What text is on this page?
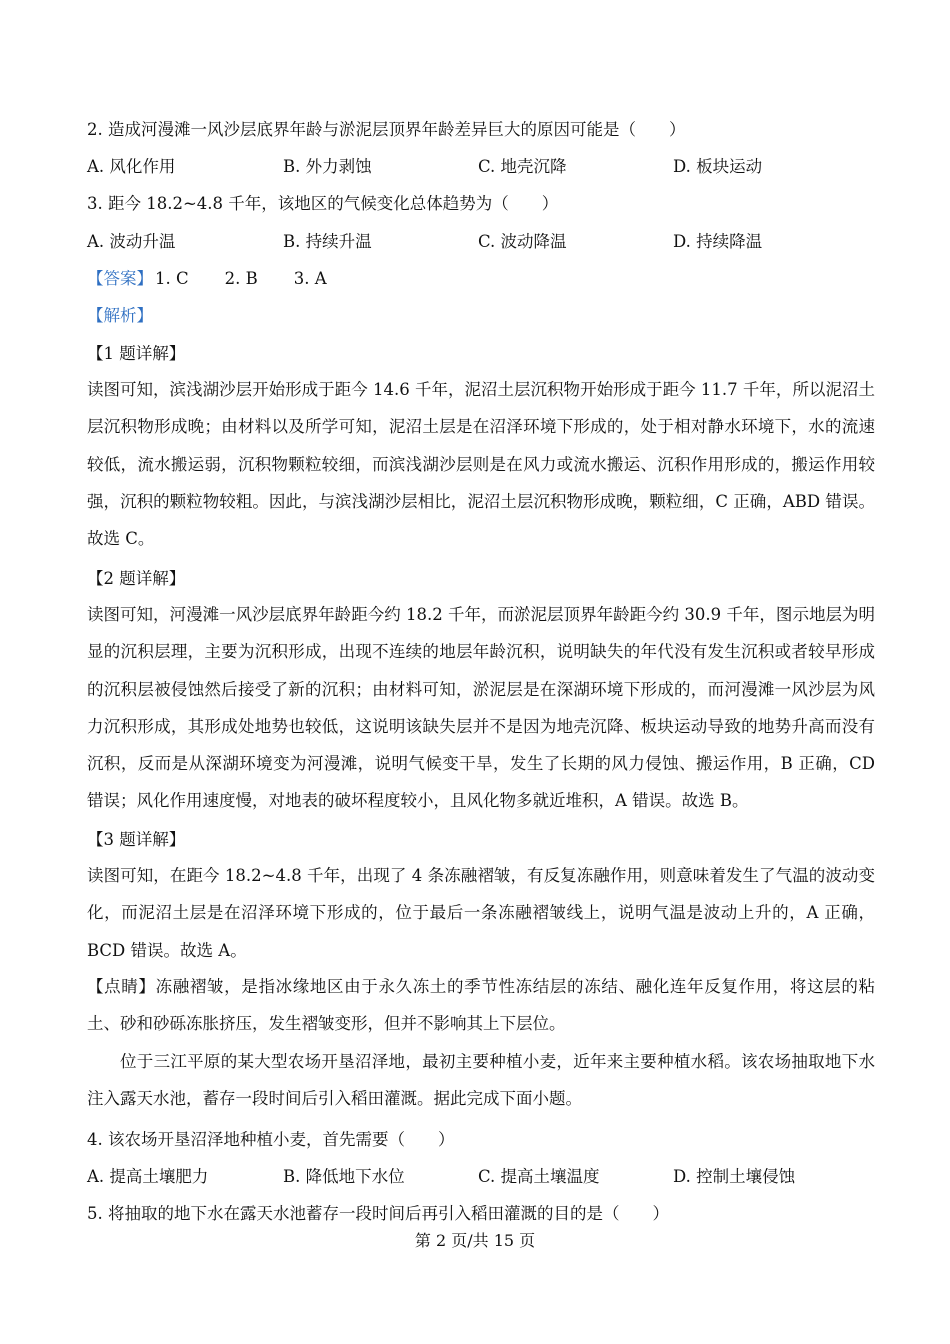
2. 造成河漫滩一风沙层底界年龄与淤泥层顶界年龄差异巨大的原因可能是（　　）
A. 风化作用	B. 外力剥蚀	C. 地壳沉降	D. 板块运动
3. 距今 18.2~4.8 千年，该地区的气候变化总体趋势为（　　）
A. 波动升温	B. 持续升温	C. 波动降温	D. 持续降温
【答案】 1. C 2. B 3. A
【解析】
【1 题详解】
读图可知，滨浅湖沙层开始形成于距今 14.6 千年，泥沼土层沉积物开始形成于距今 11.7 千年，所以泥沼土层沉积物形成晚；由材料以及所学可知，泥沼土层是在沼泽环境下形成的，处于相对静水环境下，水的流速较低，流水搬运弱，沉积物颗粒较细，而滨浅湖沙层则是在风力或流水搬运、沉积作用形成的，搬运作用较强，沉积的颗粒物较粗。因此，与滨浅湖沙层相比，泥沼土层沉积物形成晚，颗粒细，C 正确，ABD 错误。故选 C。
【2 题详解】
读图可知，河漫滩一风沙层底界年龄距今约 18.2 千年，而淤泥层顶界年龄距今约 30.9 千年，图示地层为明显的沉积层理，主要为沉积形成，出现不连续的地层年龄沉积，说明缺失的年代没有发生沉积或者较早形成的沉积层被侵蚀然后接受了新的沉积；由材料可知，淤泥层是在深湖环境下形成的，而河漫滩一风沙层为风力沉积形成，其形成处地势也较低，这说明该缺失层并不是因为地壳沉降、板块运动导致的地势升高而没有沉积，反而是从深湖环境变为河漫滩，说明气候变干旱，发生了长期的风力侵蚀、搬运作用，B 正确，CD 错误；风化作用速度慢，对地表的破坏程度较小，且风化物多就近堆积，A 错误。故选 B。
【3 题详解】
读图可知，在距今 18.2~4.8 千年，出现了 4 条冻融褶皱，有反复冻融作用，则意味着发生了气温的波动变化，而泥沼土层是在沼泽环境下形成的，位于最后一条冻融褶皱线上，说明气温是波动上升的，A 正确，BCD 错误。故选 A。
【点睛】冻融褶皱，是指冰缘地区由于永久冻土的季节性冻结层的冻结、融化连年反复作用，将这层的粘土、砂和砂砾冻胀挤压，发生褶皱变形，但并不影响其上下层位。
位于三江平原的某大型农场开垦沼泽地，最初主要种植小麦，近年来主要种植水稻。该农场抽取地下水注入露天水池，蓄存一段时间后引入稻田灌溉。据此完成下面小题。
4. 该农场开垦沼泽地种植小麦，首先需要（　　）
A. 提高土壤肥力	B. 降低地下水位	C. 提高土壤温度	D. 控制土壤侵蚀
5. 将抽取的地下水在露天水池蓄存一段时间后再引入稻田灌溉的目的是（　　）
第 2 页/共 15 页
